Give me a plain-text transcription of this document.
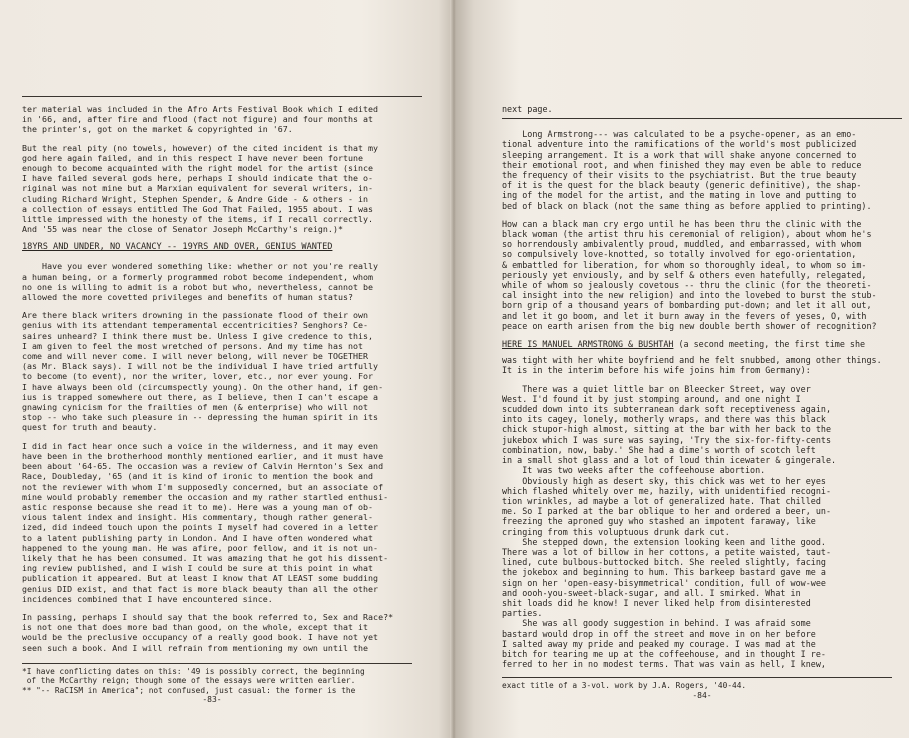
ter material was included in the Afro Arts Festival Book which I edited
in '66, and, after fire and flood (fact not figure) and four months at
the printer's, got on the market & copyrighted in '67.

But the real pity (no towels, however) of the cited incident is that my
god here again failed, and in this respect I have never been fortune
enough to become acquainted with the right model for the artist (since
I have failed several gods here, perhaps I should indicate that the o-
riginal was not mine but a Marxian equivalent for several writers, in-
cluding Richard Wright, Stephen Spender, & Andre Gide - & others - in
a collection of essays entitled The God That Failed, 1955 about. I was
little impressed with the honesty of the items, if I recall correctly.
And '55 was near the close of Senator Joseph McCarthy's reign.)*

18YRS AND UNDER, NO VACANCY -- 19YRS AND OVER, GENIUS WANTED

Have you ever wondered something like: whether or not you're really
a human being, or a formerly programmed robot become independent, whom
no one is willing to admit is a robot but who, nevertheless, cannot be
allowed the more covetted privileges and benefits of human status?

Are there black writers drowning in the passionate flood of their own
genius with its attendant temperamental eccentricities? Senghors? Ce-
saires unheard? I think there must be. Unless I give credence to this,
I am given to feel the most wretched of persons. And my time has not
come and will never come. I will never belong, will never be TOGETHER
(as Mr. Black says). I will not be the individual I have tried artfully
to become (to event), nor the writer, lover, etc., nor ever young. For
I have always been old (circumspectly young). On the other hand, if gen-
ius is trapped somewhere out there, as I believe, then I can't escape a
gnawing cynicism for the frailties of men (& enterprise) who will not
stop -- who take such pleasure in -- depressing the human spirit in its
quest for truth and beauty.

I did in fact hear once such a voice in the wilderness, and it may even
have been in the brotherhood monthly mentioned earlier, and it must have
been about '64-65. The occasion was a review of Calvin Hernton's Sex and
Race, Doubleday, '65 (and it is kind of ironic to mention the book and
not the reviewer with whom I'm supposedly concerned, but an associate of
mine would probably remember the occasion and my rather startled enthusi-
astic response because she read it to me). Here was a young man of ob-
vious talent index and insight. His commentary, though rather general-
ized, did indeed touch upon the points I myself had covered in a letter
to a latent publishing party in London. And I have often wondered what
happened to the young man. He was afire, poor fellow, and it is not un-
likely that he has been consumed. It was amazing that he got his dissent-
ing review published, and I wish I could be sure at this point in what
publication it appeared. But at least I know that AT LEAST some budding
genius DID exist, and that fact is more black beauty than all the other
incidences combined that I have encountered since.

In passing, perhaps I should say that the book referred to, Sex and Race?*
is not one that does more bad than good, on the whole, except that it
would be the preclusive occupancy of a really good book. I have not yet
seen such a book. And I will refrain from mentioning my own until the

*I have conflicting dates on this: '49 is possibly correct, the beginning
of the McCarthy reign; though some of the essays were written earlier.
** "-- RaCISM in America"; not confused, just casual: the former is the
-83-

next page.

Long Armstrong--- was calculated to be a psyche-opener, as an emo-
tional adventure into the ramifications of the world's most publicized
sleeping arrangement. It is a work that will shake anyone concerned to
their emotional root, and when finished they may even be able to reduce
the frequency of their visits to the psychiatrist. But the true beauty
of it is the quest for the black beauty (generic definitive), the shap-
ing of the model for the artist, and the mating in love and putting to
bed of black on black (not the same thing as before applied to printing).

How can a black man cry ergo until he has been thru the clinic with the
black woman (the artist thru his ceremonial of religion), about whom he's
so horrendously ambivalently proud, muddled, and embarrassed, with whom
so compulsively love-knotted, so totally involved for ego-orientation,
& embattled for liberation, for whom so thoroughly ideal, to whom so im-
periously yet enviously, and by self & others even hatefully, relegated,
while of whom so jealously covetous -- thru the clinic (for the theoreti-
cal insight into the new religion) and into the lovebed to burst the stub-
born grip of a thousand years of bombarding put-down; and let it all out,
and let it go boom, and let it burn away in the fevers of yeses, O, with
peace on earth arisen from the big new double berth shower of recognition?

HERE IS MANUEL ARMSTRONG & BUSHTAH (a second meeting, the first time she

was tight with her white boyfriend and he felt snubbed, among other things.
It is in the interim before his wife joins him from Germany):

There was a quiet little bar on Bleecker Street, way over
West. I'd found it by just stomping around, and one night I
scudded down into its subterranean dark soft receptiveness again,
into its cagey, lonely, motherly wraps, and there was this black
chick stupor-high almost, sitting at the bar with her back to the
jukebox which I was sure was saying, 'Try the six-for-fifty-cents
combination, now, baby.' She had a dime's worth of scotch left
in a small shot glass and a lot of loud thin icewater & gingerale.
It was two weeks after the coffeehouse abortion.
Obviously high as desert sky, this chick was wet to her eyes
which flashed whitely over me, hazily, with unidentified recogni-
tion wrinkles, ad maybe a lot of generalized hate. That chilled
me. So I parked at the bar oblique to her and ordered a beer, un-
freezing the aproned guy who stashed an impotent faraway, like
cringing from this voluptuous drunk dark cut.
She stepped down, the extension looking keen and lithe good.
There was a lot of billow in her cottons, a petite waisted, taut-
lined, cute bulbous-buttocked bitch. She reeled slightly, facing
the jokebox and beginning to hum. This barkeep bastard gave me a
sign on her 'open-easy-bisymmetrical' condition, full of wow-wee
and oooh-you-sweet-black-sugar, and all. I smirked. What in
shit loads did he know! I never liked help from disinterested
parties.
She was all goody suggestion in behind. I was afraid some
bastard would drop in off the street and move in on her before
I salted away my pride and peaked my courage. I was mad at the
bitch for tearing me up at the coffeehouse, and in thought I re-
ferred to her in no modest terms. That was vain as hell, I knew,

exact title of a 3-vol. work by J.A. Rogers, '40-44.
-84-
